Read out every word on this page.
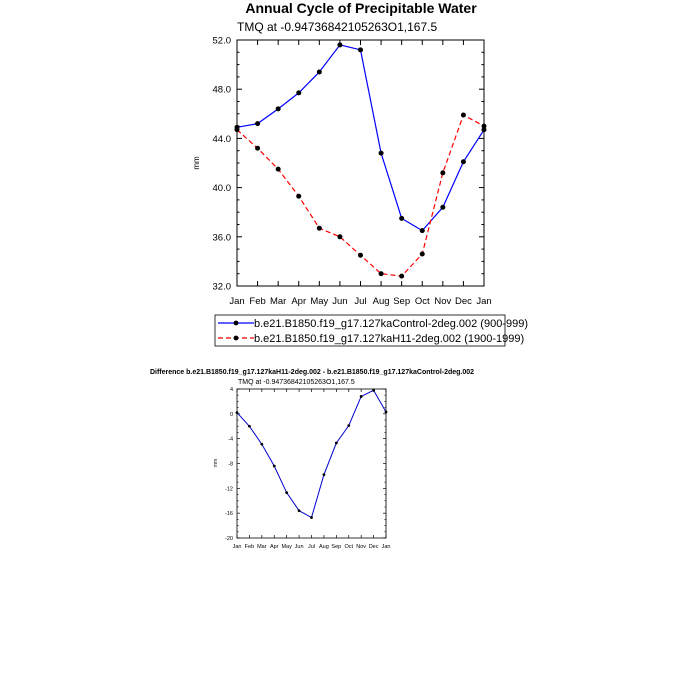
Annual Cycle of Precipitable Water
TMQ at -0.94736842105263O1,167.5
Jan Feb Mar Apr May Jun Jul Aug Sep Oct Nov Dec Jan
32.0
36.0
40.0
44.0
48.0
52.0
mm
b.e21.B1850.f19_g17.127kaControl-2deg.002 (900-999)
b.e21.B1850.f19_g17.127kaH11-2deg.002 (1900-1999)
Difference b.e21.B1850.f19_g17.127kaH11-2deg.002 - b.e21.B1850.f19_g17.127kaControl-2deg.002
TMQ at -0.94736842105263O1,167.5
Jan Feb Mar Apr May Jun Jul Aug Sep Oct Nov Dec Jan
-20
-16
-12
-8
-4
0
4
mm
